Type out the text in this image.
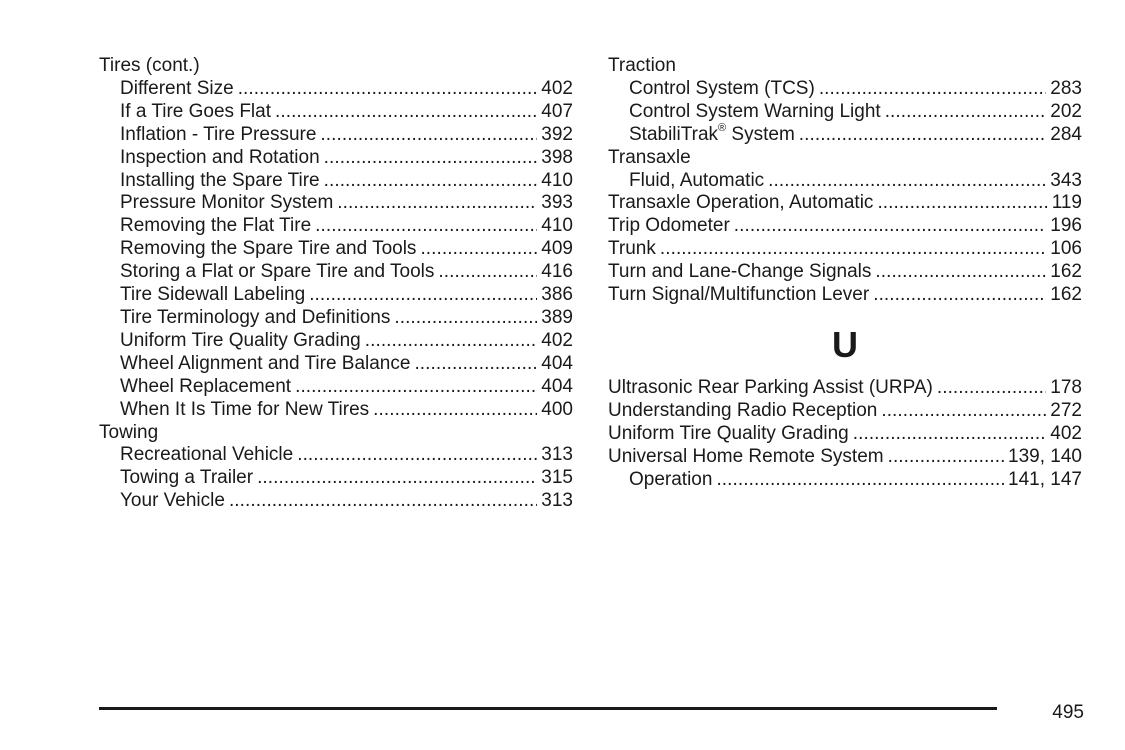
Tires (cont.)
Different Size . . .	402
If a Tire Goes Flat . . .	407
Inflation - Tire Pressure . . .	392
Inspection and Rotation . . .	398
Installing the Spare Tire . . .	410
Pressure Monitor System . . .	393
Removing the Flat Tire . . .	410
Removing the Spare Tire and Tools . . .	409
Storing a Flat or Spare Tire and Tools . . .	416
Tire Sidewall Labeling . . .	386
Tire Terminology and Definitions . . .	389
Uniform Tire Quality Grading . . .	402
Wheel Alignment and Tire Balance . . .	404
Wheel Replacement . . .	404
When It Is Time for New Tires . . .	400
Towing
Recreational Vehicle . . .	313
Towing a Trailer . . .	315
Your Vehicle . . .	313
Traction
Control System (TCS) . . .	283
Control System Warning Light . . .	202
StabiliTrak® System . . .	284
Transaxle
Fluid, Automatic . . .	343
Transaxle Operation, Automatic . . .	119
Trip Odometer . . .	196
Trunk . . .	106
Turn and Lane-Change Signals . . .	162
Turn Signal/Multifunction Lever . . .	162
U
Ultrasonic Rear Parking Assist (URPA) . . .	178
Understanding Radio Reception . . .	272
Uniform Tire Quality Grading . . .	402
Universal Home Remote System . . .	139, 140
Operation . . .	141, 147
495
